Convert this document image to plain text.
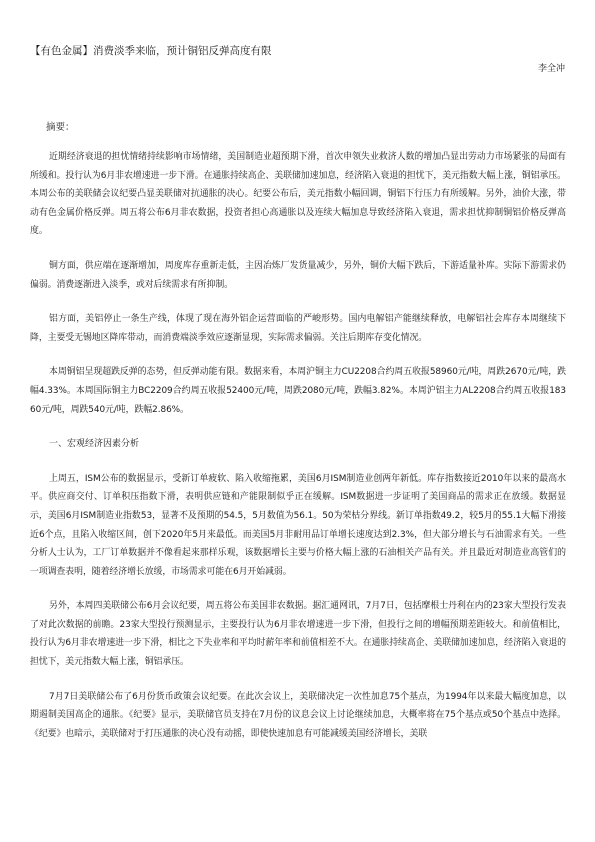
【有色金属】消费淡季来临，预计铜铝反弹高度有限
李全冲
摘要：

近期经济衰退的担忧情绪持续影响市场情绪，美国制造业超预期下滑，首次申领失业救济人数的增加凸显出劳动力市场紧张的局面有所缓和。投行认为6月非农增速进一步下滑。在通胀持续高企、美联储加速加息，经济陷入衰退的担忧下，美元指数大幅上涨，铜铝承压。本周公布的美联储会议纪要凸显美联储对抗通胀的决心。纪要公布后，美元指数小幅回调，铜铝下行压力有所缓解。另外，油价大涨，带动有色金属价格反弹。周五将公布6月非农数据，投资者担心高通胀以及连续大幅加息导致经济陷入衰退，需求担忧抑制铜铝价格反弹高度。

铜方面，供应端在逐渐增加，周度库存重新走低，主因冶炼厂发货量减少，另外，铜价大幅下跌后，下游适量补库。实际下游需求仍偏弱。消费逐渐进入淡季，或对后续需求有所抑制。

铝方面，美铝停止一条生产线，体现了现在海外铝企运营面临的严峻形势。国内电解铝产能继续释放，电解铝社会库存本周继续下降，主要受无锡地区降库带动，而消费端淡季效应逐渐显现，实际需求偏弱。关注后期库存变化情况。

本周铜铝呈现超跌反弹的态势，但反弹动能有限。数据来看，本周沪铜主力CU2208合约周五收报58960元/吨，周跌2670元/吨，跌幅4.33%。本周国际铜主力BC2209合约周五收报52400元/吨，周跌2080元/吨，跌幅3.82%。本周沪铝主力AL2208合约周五收报18360元/吨，周跌540元/吨，跌幅2.86%。

一、宏观经济因素分析

上周五，ISM公布的数据显示，受新订单疲软、陷入收缩拖累，美国6月ISM制造业创两年新低。库存指数接近2010年以来的最高水平。供应商交付、订单积压指数下滑，表明供应链和产能限制似乎正在缓解。ISM数据进一步证明了美国商品的需求正在放缓。数据显示，美国6月ISM制造业指数53，显著不及预期的54.5，5月数值为56.1。50为荣枯分界线。新订单指数49.2，较5月的55.1大幅下滑接近6个点，且陷入收缩区间，创下2020年5月来最低。而美国5月非耐用品订单增长速度达到2.3%，但大部分增长与石油需求有关。一些分析人士认为，工厂订单数据并不像看起来那样乐观，该数据增长主要与价格大幅上涨的石油相关产品有关。并且最近对制造业高管们的一项调查表明，随着经济增长放缓，市场需求可能在6月开始减弱。

另外，本周四美联储公布6月会议纪要，周五将公布美国非农数据。据汇通网讯，7月7日，包括摩根士丹利在内的23家大型投行发表了对此次数据的前瞻。23家大型投行预测显示，主要投行认为6月非农增速进一步下滑，但投行之间的增幅预期差距较大。和前值相比，投行认为6月非农增速进一步下滑，相比之下失业率和平均时薪年率和前值相差不大。在通胀持续高企、美联储加速加息，经济陷入衰退的担忧下，美元指数大幅上涨，铜铝承压。

7月7日美联储公布了6月份货币政策会议纪要。在此次会议上，美联储决定一次性加息75个基点，为1994年以来最大幅度加息，以期遏制美国高企的通胀。《纪要》显示，美联储官员支持在7月份的议息会议上讨论继续加息，大概率将在75个基点或50个基点中选择。《纪要》也暗示，美联储对于打压通胀的决心没有动摇，即使快速加息有可能减缓美国经济增长，美联
